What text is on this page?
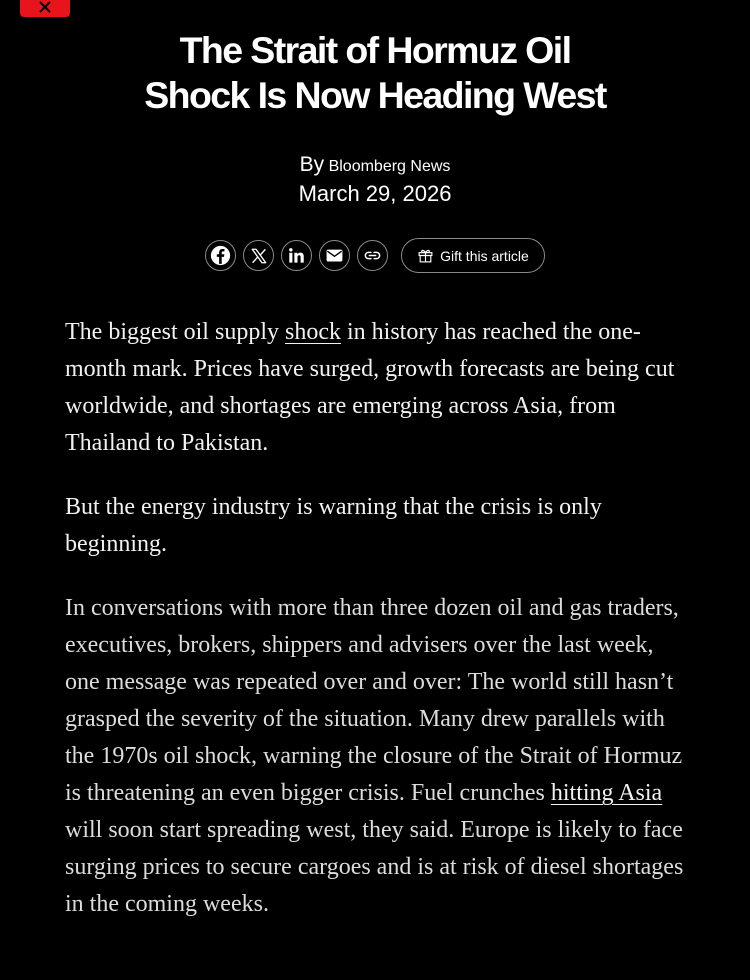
The Strait of Hormuz Oil
Shock Is Now Heading West
By Bloomberg News
March 29, 2026
Gift this article

The biggest oil supply shock in history has reached the one-month mark. Prices have surged, growth forecasts are being cut worldwide, and shortages are emerging across Asia, from Thailand to Pakistan.

But the energy industry is warning that the crisis is only beginning.

In conversations with more than three dozen oil and gas traders, executives, brokers, shippers and advisers over the last week, one message was repeated over and over: The world still hasn’t grasped the severity of the situation. Many drew parallels with the 1970s oil shock, warning the closure of the Strait of Hormuz is threatening an even bigger crisis. Fuel crunches hitting Asia will soon start spreading west, they said. Europe is likely to face surging prices to secure cargoes and is at risk of diesel shortages in the coming weeks.
